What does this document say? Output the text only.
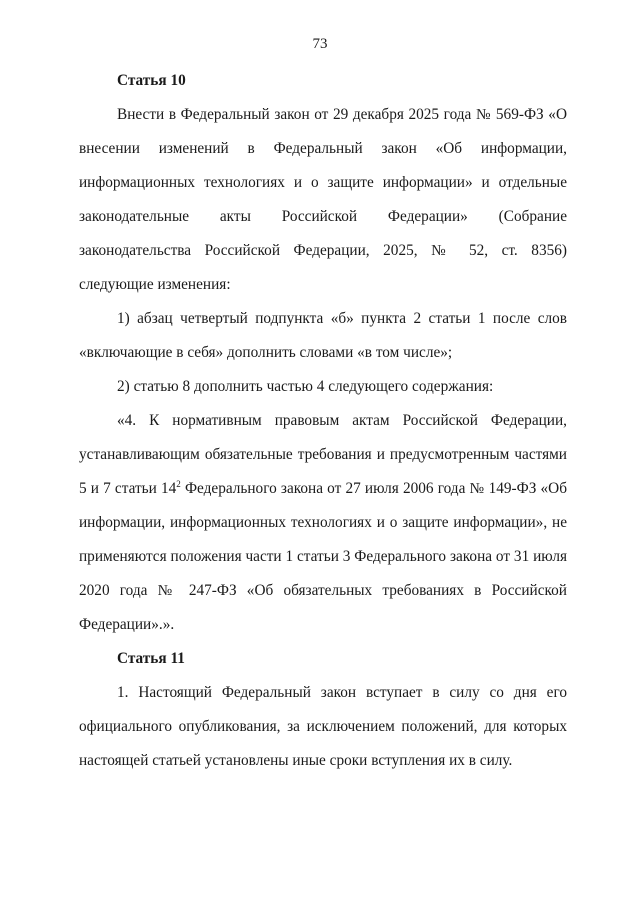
73

Статья 10

Внести в Федеральный закон от 29 декабря 2025 года № 569-ФЗ «О внесении изменений в Федеральный закон «Об информации, информационных технологиях и о защите информации» и отдельные законодательные акты Российской Федерации» (Собрание законодательства Российской Федерации, 2025, № 52, ст. 8356) следующие изменения:

1) абзац четвертый подпункта «б» пункта 2 статьи 1 после слов «включающие в себя» дополнить словами «в том числе»;

2) статью 8 дополнить частью 4 следующего содержания:

«4. К нормативным правовым актам Российской Федерации, устанавливающим обязательные требования и предусмотренным частями 5 и 7 статьи $14^2$ Федерального закона от 27 июля 2006 года № 149-ФЗ «Об информации, информационных технологиях и о защите информации», не применяются положения части 1 статьи 3 Федерального закона от 31 июля 2020 года № 247-ФЗ «Об обязательных требованиях в Российской Федерации».».

Статья 11

1. Настоящий Федеральный закон вступает в силу со дня его официального опубликования, за исключением положений, для которых настоящей статьей установлены иные сроки вступления их в силу.
